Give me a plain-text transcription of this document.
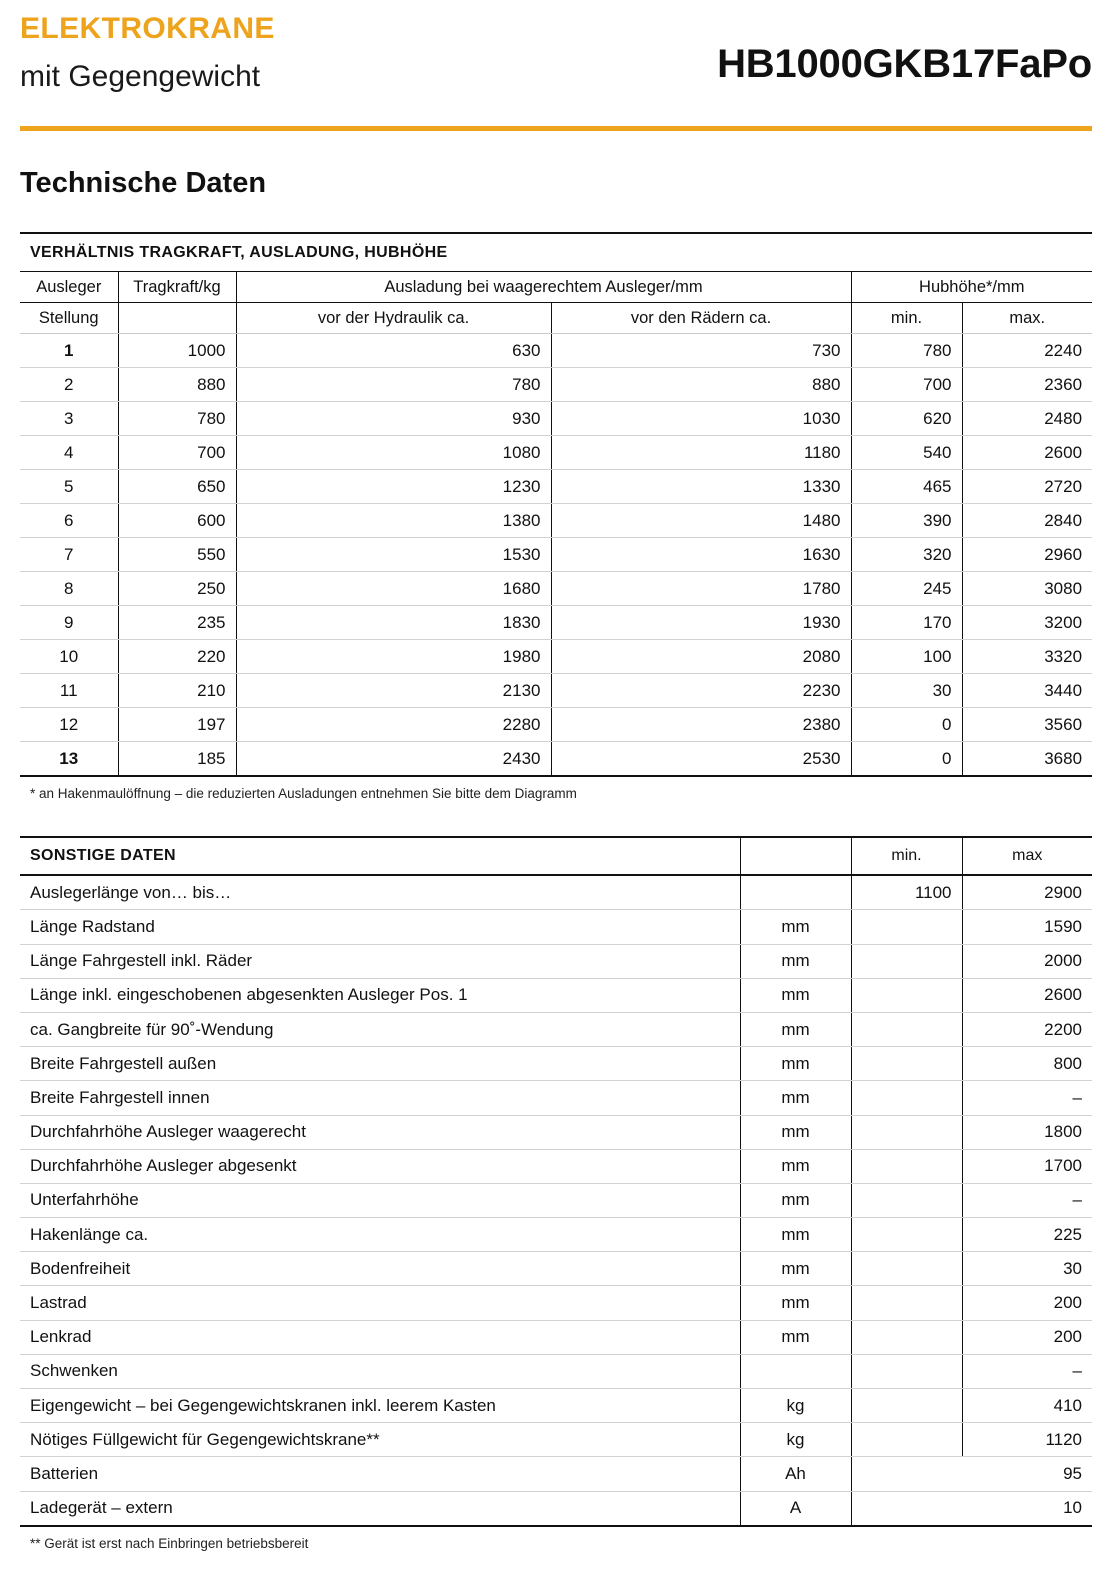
ELEKTROKRANE
mit Gegengewicht	HB1000GKB17FaPo
Technische Daten
VERHÄLTNIS TRAGKRAFT, AUSLADUNG, HUBHÖHE					
Ausleger	Tragkraft/kg	Ausladung bei waagerechtem Ausleger/mm		Hubhöhe*/mm	
Stellung		vor der Hydraulik ca.	vor den Rädern ca.	min.	max.
1	1000	630	730	780	2240
2	880	780	880	700	2360
3	780	930	1030	620	2480
4	700	1080	1180	540	2600
5	650	1230	1330	465	2720
6	600	1380	1480	390	2840
7	550	1530	1630	320	2960
8	250	1680	1780	245	3080
9	235	1830	1930	170	3200
10	220	1980	2080	100	3320
11	210	2130	2230	30	3440
12	197	2280	2380	0	3560
13	185	2430	2530	0	3680
* an Hakenmaulöffnung – die reduzierten Ausladungen entnehmen Sie bitte dem Diagramm
SONSTIGE DATEN		min.	max
Auslegerlänge von… bis…		1100	2900
Länge Radstand	mm		1590
Länge Fahrgestell inkl. Räder	mm		2000
Länge inkl. eingeschobenen abgesenkten Ausleger Pos. 1	mm		2600
ca. Gangbreite für 90˚-Wendung	mm		2200
Breite Fahrgestell außen	mm		800
Breite Fahrgestell innen	mm		–
Durchfahrhöhe Ausleger waagerecht	mm		1800
Durchfahrhöhe Ausleger abgesenkt	mm		1700
Unterfahrhöhe	mm		–
Hakenlänge ca.	mm		225
Bodenfreiheit	mm		30
Lastrad	mm		200
Lenkrad	mm		200
Schwenken			–
Eigengewicht – bei Gegengewichtskranen inkl. leerem Kasten	kg		410
Nötiges Füllgewicht für Gegengewichtskrane**	kg		1120
Batterien	Ah		95
Ladegerät – extern	A		10
** Gerät ist erst nach Einbringen betriebsbereit
